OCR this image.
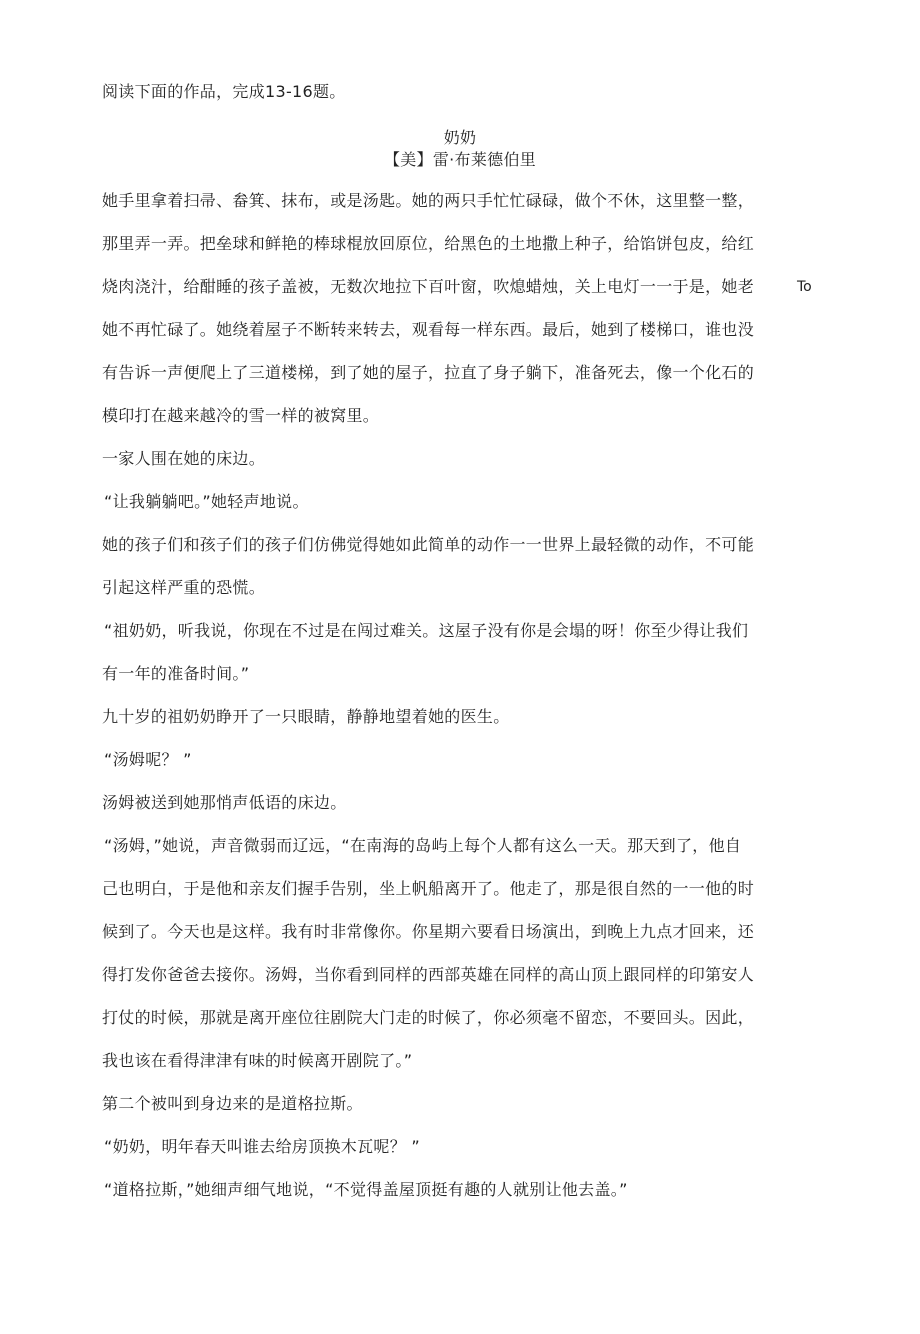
阅读下面的作品，完成13-16题。
奶奶
【美】雷·布莱德伯里
她手里拿着扫帚、畚箕、抹布，或是汤匙。她的两只手忙忙碌碌，做个不休，这里整一整，
那里弄一弄。把垒球和鲜艳的棒球棍放回原位，给黑色的土地撒上种子，给馅饼包皮，给红
烧肉浇汁，给酣睡的孩子盖被，无数次地拉下百叶窗，吹熄蜡烛，关上电灯一一于是，她老	To
她不再忙碌了。她绕着屋子不断转来转去，观看每一样东西。最后，她到了楼梯口，谁也没
有告诉一声便爬上了三道楼梯，到了她的屋子，拉直了身子躺下，准备死去，像一个化石的
模印打在越来越冷的雪一样的被窝里。
一家人围在她的床边。
“让我躺躺吧。”她轻声地说。
她的孩子们和孩子们的孩子们仿佛觉得她如此简单的动作一一世界上最轻微的动作，不可能
引起这样严重的恐慌。
“祖奶奶，听我说，你现在不过是在闯过难关。这屋子没有你是会塌的呀！你至少得让我们
有一年的准备时间。”
九十岁的祖奶奶睁开了一只眼睛，静静地望着她的医生。
“汤姆呢？ ”
汤姆被送到她那悄声低语的床边。
“汤姆，”她说，声音微弱而辽远，“在南海的岛屿上每个人都有这么一天。那天到了，他自
己也明白，于是他和亲友们握手告别，坐上帆船离开了。他走了，那是很自然的一一他的时
候到了。今天也是这样。我有时非常像你。你星期六要看日场演出，到晚上九点才回来，还
得打发你爸爸去接你。汤姆，当你看到同样的西部英雄在同样的高山顶上跟同样的印第安人
打仗的时候，那就是离开座位往剧院大门走的时候了，你必须毫不留恋，不要回头。因此，
我也该在看得津津有味的时候离开剧院了。”
第二个被叫到身边来的是道格拉斯。
“奶奶，明年春天叫谁去给房顶换木瓦呢？ ”
“道格拉斯，”她细声细气地说，“不觉得盖屋顶挺有趣的人就别让他去盖。”
